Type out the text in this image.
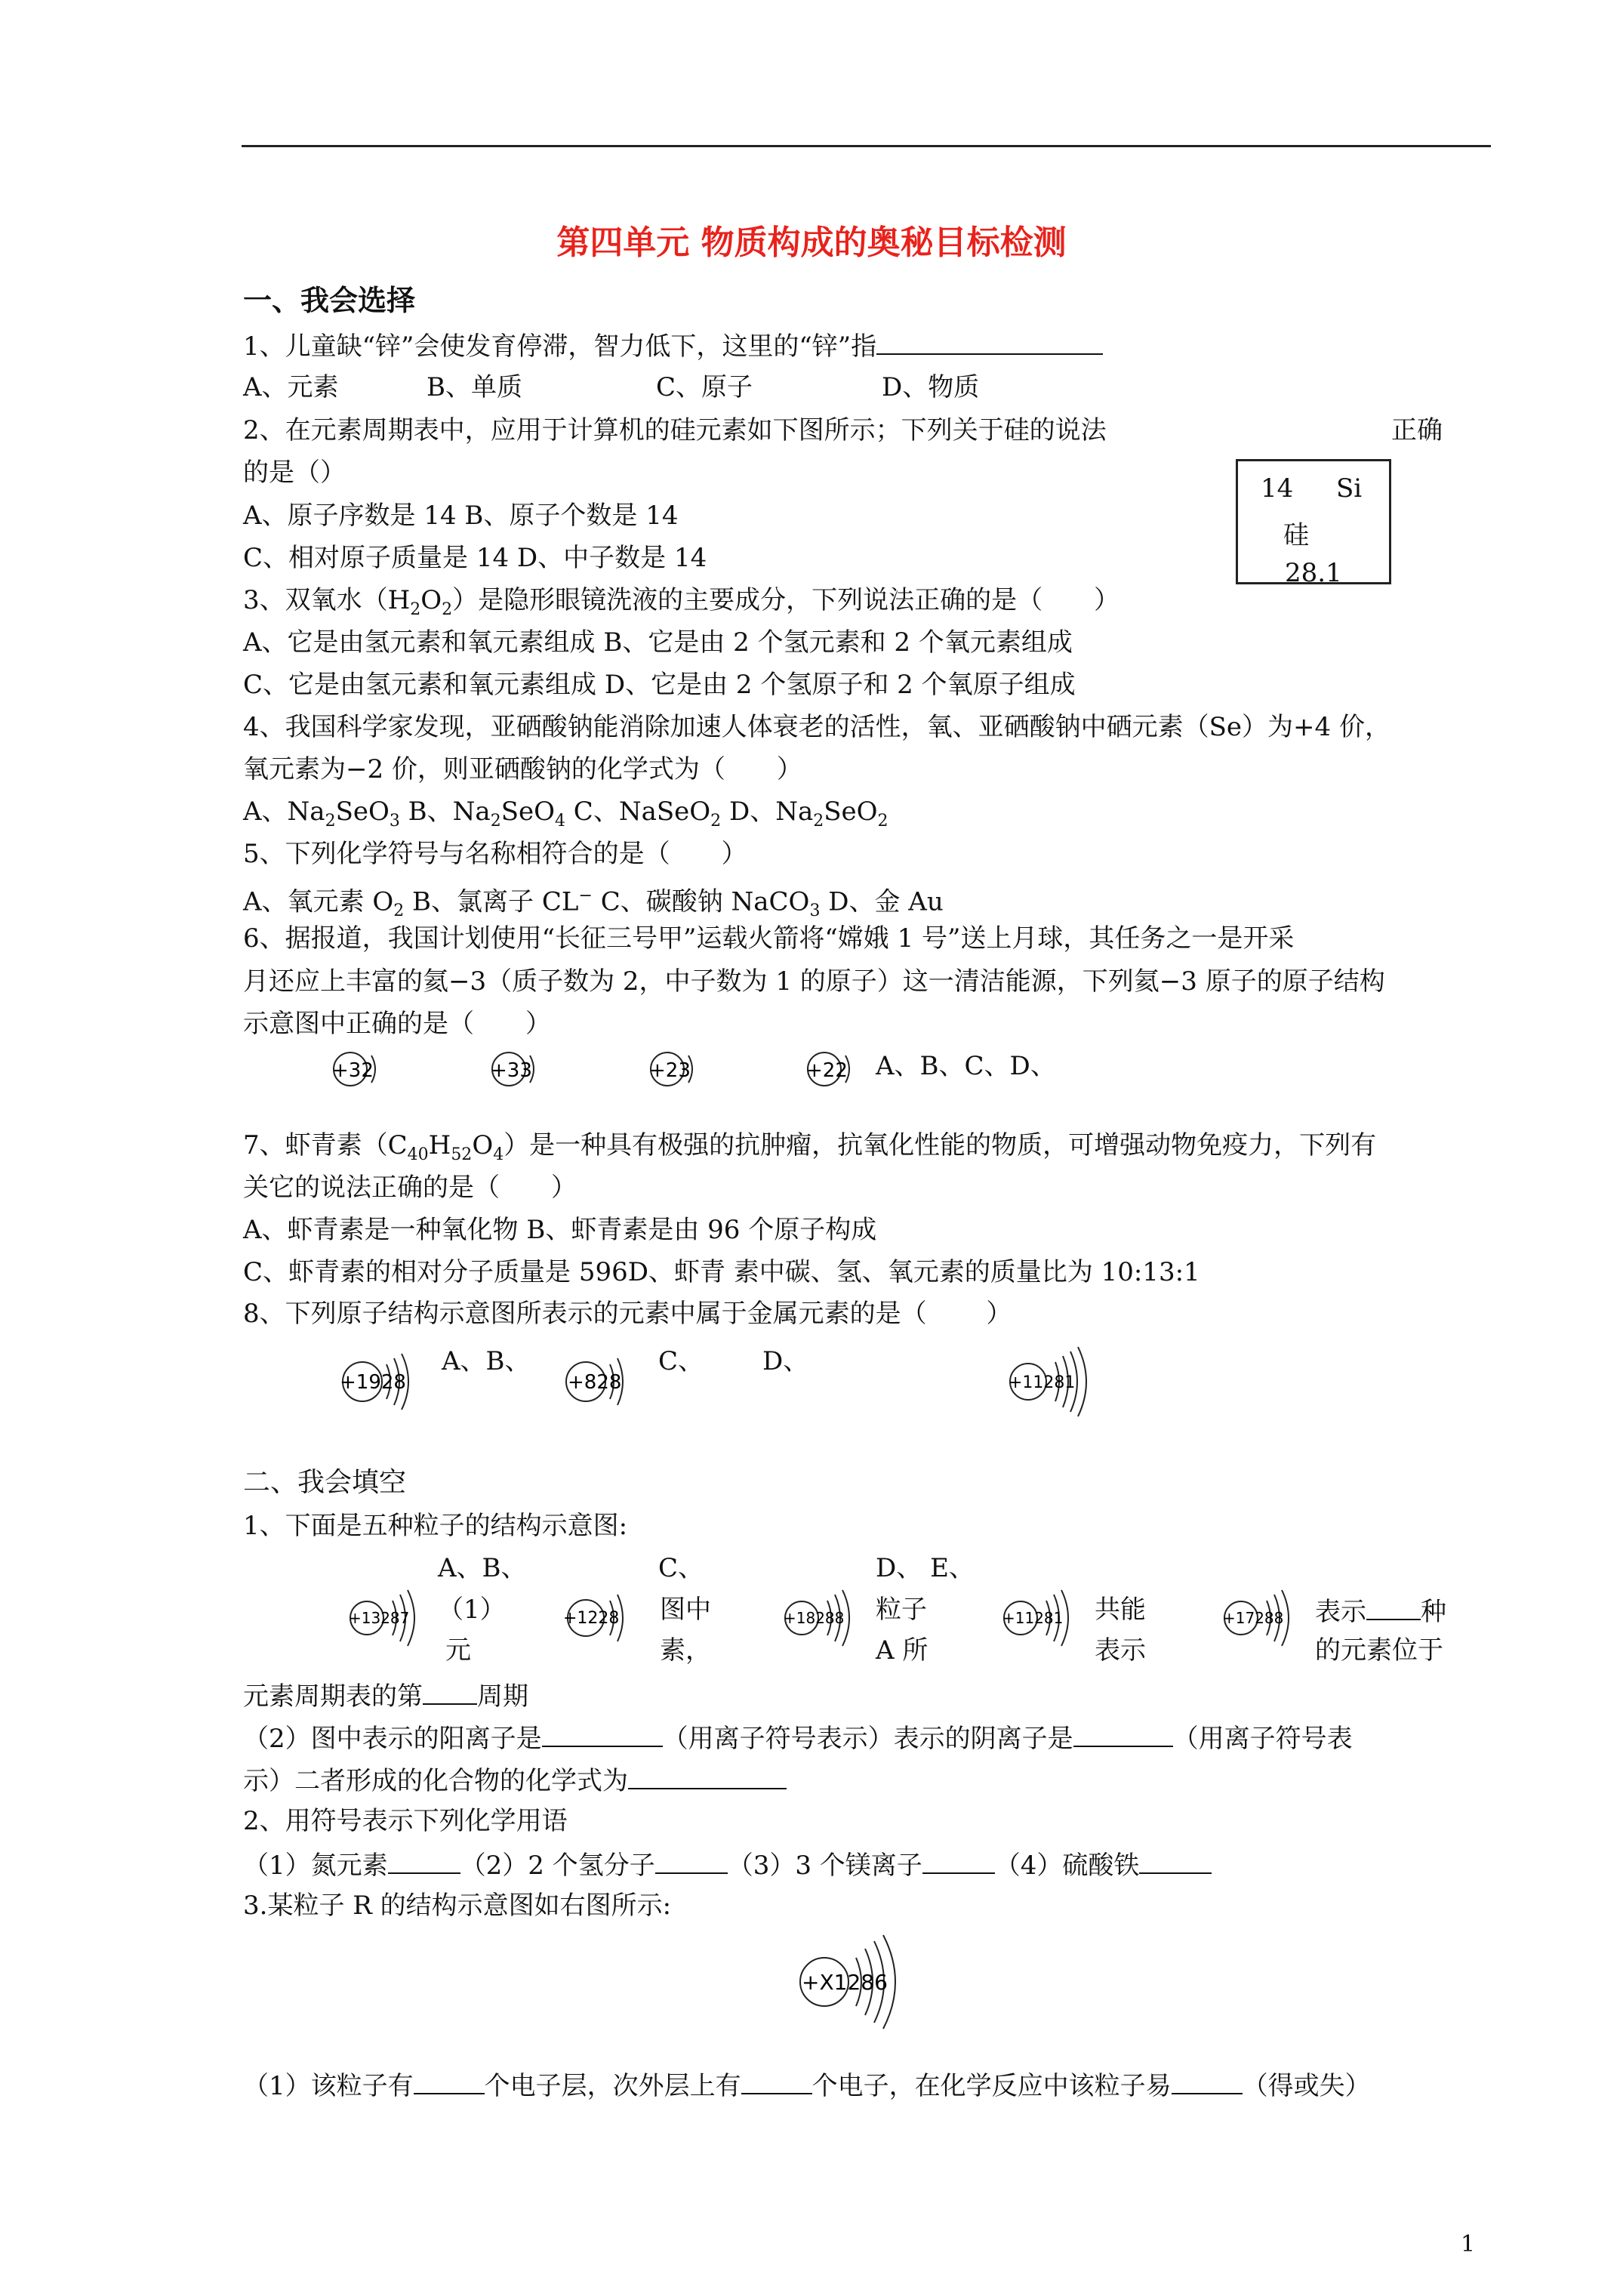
第四单元 物质构成的奥秘目标检测
一、我会选择
1、儿童缺“锌”会使发育停滞，智力低下，这里的“锌”指
A、元素	B、单质	C、原子	D、物质
2、在元素周期表中，应用于计算机的硅元素如下图所示；下列关于硅的说法	正确
的是（）
A、原子序数是 14 B、原子个数是 14
C、相对原子质量是 14 D、中子数是 14
14 Si
硅
28.1
3、双氧水$(H_2O_2)$是隐形眼镜洗液的主要成分，下列说法正确的是（　　）
A、它是由氢元素和氧元素组成 B、它是由 2 个氢元素和 2 个氧元素组成
C、它是由氢元素和氧元素组成 D、它是由 2 个氢原子和 2 个氧原子组成
4、我国科学家发现，亚硒酸钠能消除加速人体衰老的活性，氧、亚硒酸钠中硒元素（Se）为+4 价，
氧元素为−2 价，则亚硒酸钠的化学式为（　　）
A、$Na_2SeO_3$ B、$Na_2SeO_4$ C、NaSeO$_2$ D、$Na_2SeO_2$
5、下列化学符号与名称相符合的是（　　）
A、氧元素 $O_2$ B、氯离子 CL− C、碳酸钠 NaCO$_3$ D、金 Au
6、据报道，我国计划使用“长征三号甲”运载火箭将“嫦娥 1 号”送上月球，其任务之一是开采
月还应上丰富的氦−3（质子数为 2，中子数为 1 的原子）这一清洁能源，下列氦−3 原子的原子结构
示意图中正确的是（　　）
+32	+33	+23	+22 A、B、C、D、
7、虾青素$(C_{40}H_{52}O_4)$是一种具有极强的抗肿瘤，抗氧化性能的物质，可增强动物免疫力，下列有
关它的说法正确的是（　　）
A、虾青素是一种氧化物 B、虾青素是由 96 个原子构成
C、虾青素的相对分子质量是 596D、虾青 素中碳、氢、氧元素的质量比为 10:13:1
8、下列原子结构示意图所表示的元素中属于金属元素的是（　 　）
+1928
A、B、
+828
C、 D、
+11281
二、我会填空
1、下面是五种粒子的结构示意图:
A、B、	C、	D、 E、
+13287 （1）
元
+1228 图中
素，
+18288 粒子
A 所
+11281 共能
表示
+17288 表示 种
的元素位于
元素周期表的第 周期
（2）图中表示的阳离子是	（用离子符号表示）表示的阴离子是	（用离子符号表
示）二者形成的化合物的化学式为
2、用符号表示下列化学用语
（1）氮元素	（2）2 个氢分子	（3）3 个镁离子	（4）硫酸铁
3.某粒子 R 的结构示意图如右图所示:
+X1286
（1）该粒子有	个电子层，次外层上有	个电子，在化学反应中该粒子易	（得或失）
1
